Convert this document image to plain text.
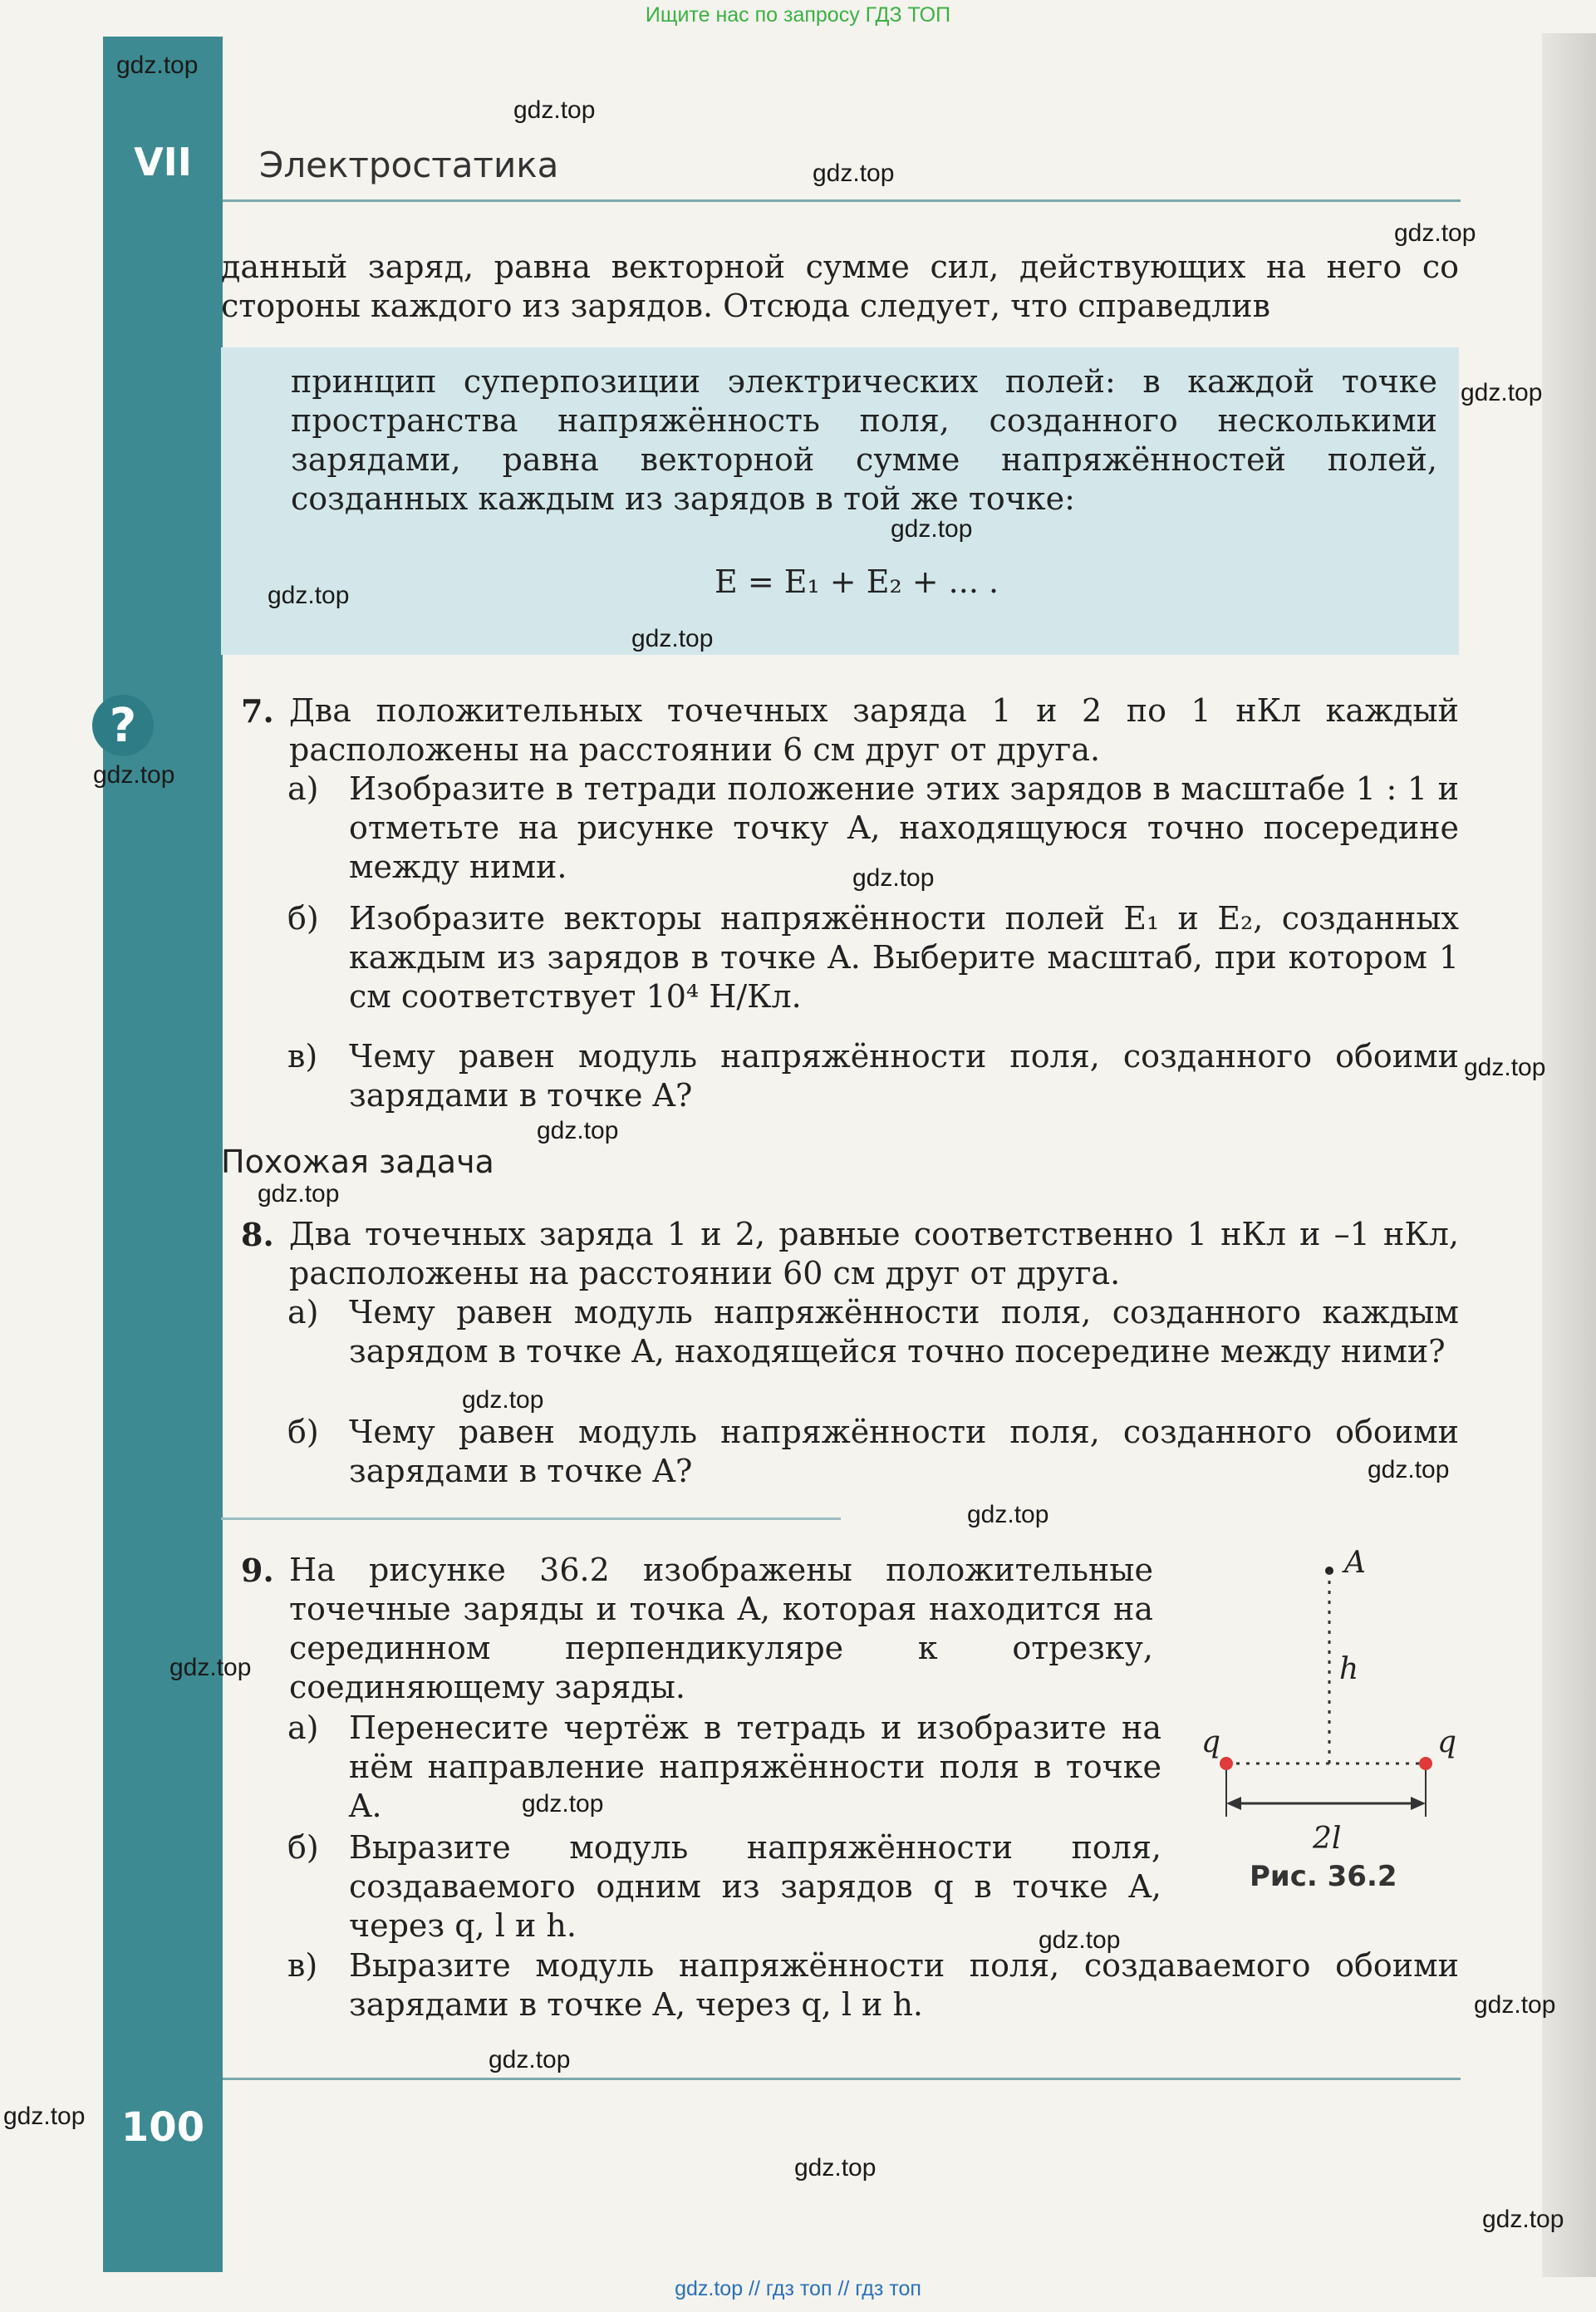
Ищите нас по запросу ГДЗ ТОП
VII	Электростатика
данный заряд, равна векторной сумме сил, действующих на него со стороны каждого из зарядов. Отсюда следует, что справедлив
принцип суперпозиции электрических полей: в каждой точке пространства напряжённость поля, созданного несколькими зарядами, равна векторной сумме напряжённостей полей, созданных каждым из зарядов в той же точке:
E = E₁ + E₂ + ... .
?	7. Два положительных точечных заряда 1 и 2 по 1 нКл каждый расположены на расстоянии 6 см друг от друга.
а) Изобразите в тетради положение этих зарядов в масштабе 1 : 1 и отметьте на рисунке точку A, находящуюся точно посередине между ними.
б) Изобразите векторы напряжённости полей E₁ и E₂, созданных каждым из зарядов в точке A. Выберите масштаб, при котором 1 см соответствует 10⁴ Н/Кл.
в) Чему равен модуль напряжённости поля, созданного обоими зарядами в точке A?
Похожая задача
8. Два точечных заряда 1 и 2, равные соответственно 1 нКл и –1 нКл, расположены на расстоянии 60 см друг от друга.
а) Чему равен модуль напряжённости поля, созданного каждым зарядом в точке A, находящейся точно посередине между ними?
б) Чему равен модуль напряжённости поля, созданного обоими зарядами в точке A?
9. На рисунке 36.2 изображены положительные точечные заряды и точка A, которая находится на серединном перпендикуляре к отрезку, соединяющему заряды.
а) Перенесите чертёж в тетрадь и изобразите на нём направление напряжённости поля в точке A.
б) Выразите модуль напряжённости поля, создаваемого одним из зарядов q в точке A, через q, l и h.
в) Выразите модуль напряжённости поля, создаваемого обоими зарядами в точке A, через q, l и h.
A
h
q	q
2l
Рис. 36.2
100
gdz.top
gdz.top
gdz.top
gdz.top
gdz.top
gdz.top
gdz.top
gdz.top
gdz.top
gdz.top
gdz.top
gdz.top
gdz.top
gdz.top
gdz.top
gdz.top
gdz.top
gdz.top
gdz.top
gdz.top
gdz.top
gdz.top
gdz.top
gdz.top
gdz.top // гдз топ // гдз топ
